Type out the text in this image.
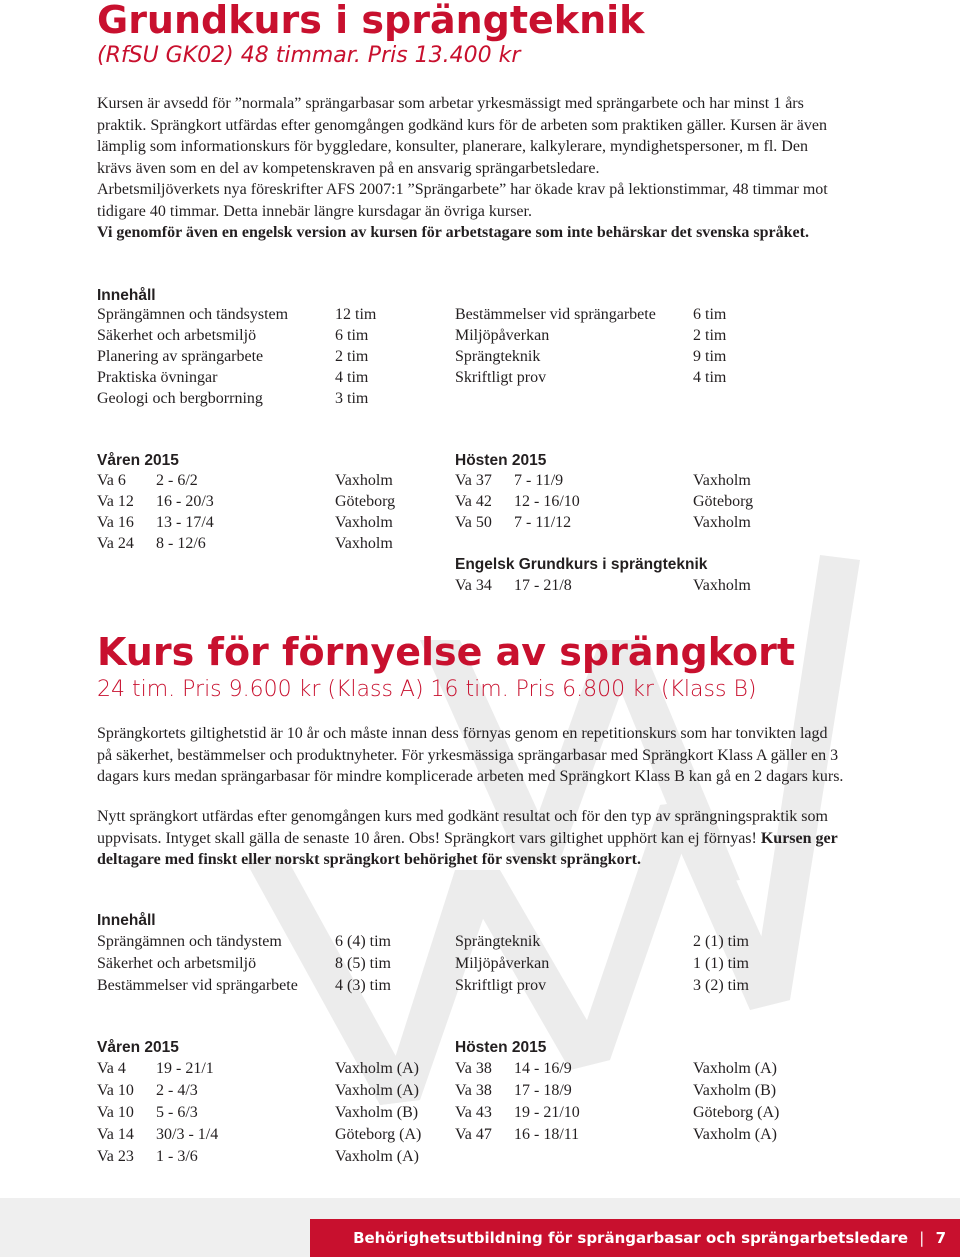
Grundkurs i sprängteknik
(RfSU GK02) 48 timmar. Pris 13.400 kr
Kursen är avsedd för ”normala” sprängarbasar som arbetar yrkesmässigt med sprängarbete och har minst 1 års
praktik. Sprängkort utfärdas efter genomgången godkänd kurs för de arbeten som praktiken gäller. Kursen är även
lämplig som informationskurs för byggledare, konsulter, planerare, kalkylerare, myndighetspersoner, m fl. Den
krävs även som en del av kompetenskraven på en ansvarig sprängarbetsledare.
Arbetsmiljöverkets nya föreskrifter AFS 2007:1 ”Sprängarbete” har ökade krav på lektionstimmar, 48 timmar mot
tidigare 40 timmar. Detta innebär längre kursdagar än övriga kurser.
Vi genomför även en engelsk version av kursen för arbetstagare som inte behärskar det svenska språket.
Innehåll
Sprängämnen och tändsystem	12 tim
Säkerhet och arbetsmiljö	6 tim
Planering av sprängarbete	2 tim
Praktiska övningar	4 tim
Geologi och bergborrning	3 tim
Bestämmelser vid sprängarbete 6 tim
Miljöpåverkan	2 tim
Sprängteknik	9 tim
Skriftligt prov	4 tim
Våren 2015
Va 6 2 - 6/2	Vaxholm
Va 12 16 - 20/3	Göteborg
Va 16 13 - 17/4	Vaxholm
Va 24 8 - 12/6	Vaxholm
Hösten 2015
Va 37 7 - 11/9	Vaxholm
Va 42 12 - 16/10	Göteborg
Va 50 7 - 11/12	Vaxholm
Engelsk Grundkurs i sprängteknik
Va 34 17 - 21/8	Vaxholm
Kurs för förnyelse av sprängkort
24 tim. Pris 9.600 kr (Klass A) 16 tim. Pris 6.800 kr (Klass B)
Sprängkortets giltighetstid är 10 år och måste innan dess förnyas genom en repetitionskurs som har tonvikten lagd
på säkerhet, bestämmelser och produktnyheter. För yrkesmässiga sprängarbasar med Sprängkort Klass A gäller en 3
dagars kurs medan sprängarbasar för mindre komplicerade arbeten med Sprängkort Klass B kan gå en 2 dagars kurs.
Nytt sprängkort utfärdas efter genomgången kurs med godkänt resultat och för den typ av sprängningspraktik som
uppvisats. Intyget skall gälla de senaste 10 åren. Obs! Sprängkort vars giltighet upphört kan ej förnyas! Kursen ger
deltagare med finskt eller norskt sprängkort behörighet för svenskt sprängkort.
Innehåll
Sprängämnen och tändystem	6 (4) tim
Säkerhet och arbetsmiljö	8 (5) tim
Bestämmelser vid sprängarbete 4 (3) tim
Sprängteknik	2 (1) tim
Miljöpåverkan	1 (1) tim
Skriftligt prov	3 (2) tim
Våren 2015
Va 4 19 - 21/1	Vaxholm (A)
Va 10 2 - 4/3	Vaxholm (A)
Va 10 5 - 6/3	Vaxholm (B)
Va 14 30/3 - 1/4	Göteborg (A)
Va 23 1 - 3/6	Vaxholm (A)
Hösten 2015
Va 38 14 - 16/9	Vaxholm (A)
Va 38 17 - 18/9	Vaxholm (B)
Va 43 19 - 21/10	Göteborg (A)
Va 47 16 - 18/11	Vaxholm (A)
Behörighetsutbildning för sprängarbasar och sprängarbetsledare | 7
